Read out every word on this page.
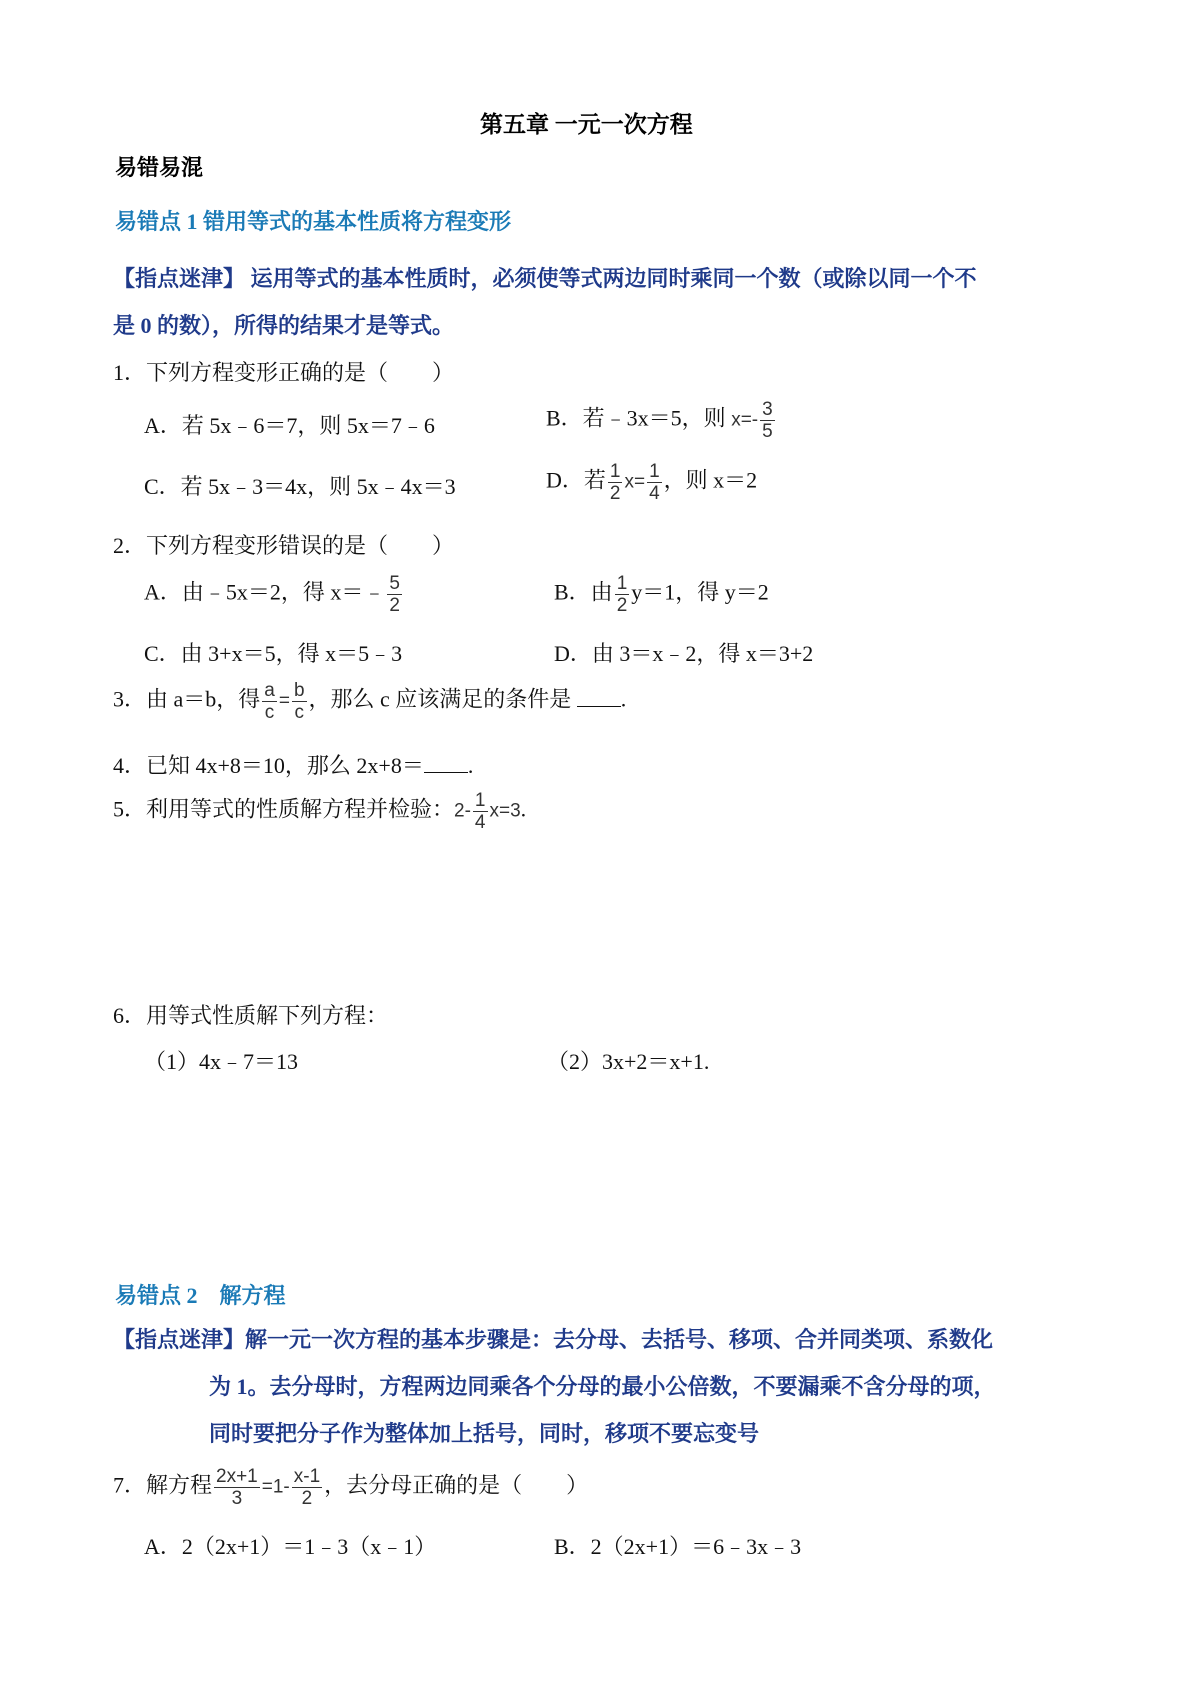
第五章 一元一次方程
易错易混
易错点 1 错用等式的基本性质将方程变形
【指点迷津】 运用等式的基本性质时，必须使等式两边同时乘同一个数（或除以同一个不
是 0 的数），所得的结果才是等式。
1．下列方程变形正确的是（　　）
A．若 5x﹣6＝7，则 5x＝7﹣6	B．若﹣3x＝5，则 $x=- \frac{3}{5}$
C．若 5x﹣3＝4x，则 5x﹣4x＝3	D．若 $\frac{1}{2} x= \frac{1}{4}$ ，则 x＝2
2．下列方程变形错误的是（　　）
A．由﹣5x＝2，得 x＝﹣ $\frac{5}{2}$	B．由 $\frac{1}{2} y=1$，得 y＝2
C．由 3+x＝5，得 x＝5﹣3	D．由 3＝x﹣2，得 x＝3+2
3．由 a＝b，得 $\frac{a}{c} = \frac{b}{c}$ ，那么 c 应该满足的条件是 .
4．已知 4x+8＝10，那么 2x+8＝ .
5．利用等式的性质解方程并检验：$2- \frac{1}{4} x=3$.
6．用等式性质解下列方程：
（1）4x﹣7＝13	（2）3x+2＝x+1.
易错点 2　解方程
【指点迷津】解一元一次方程的基本步骤是：去分母、去括号、移项、合并同类项、系数化
为 1。去分母时，方程两边同乘各个分母的最小公倍数，不要漏乘不含分母的项，
同时要把分子作为整体加上括号，同时，移项不要忘变号
7．解方程 $\frac{2x+1}{3} =1- \frac{x-1}{2}$ ，去分母正确的是（　　）
A．2（2x+1）＝1﹣3（x﹣1）	B．2（2x+1）＝6﹣3x﹣3
